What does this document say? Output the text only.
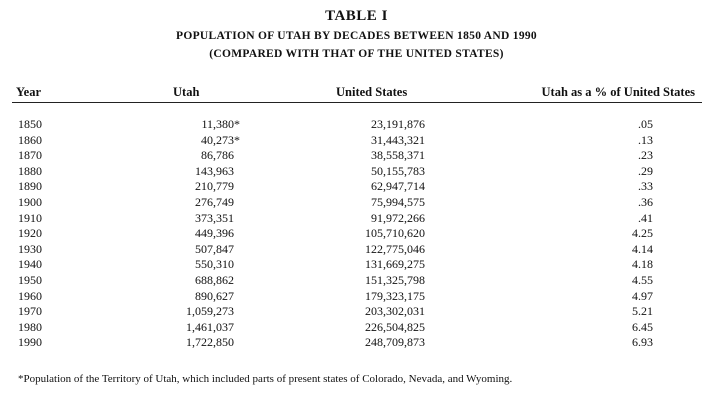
TABLE I
POPULATION OF UTAH BY DECADES BETWEEN 1850 AND 1990
(COMPARED WITH THAT OF THE UNITED STATES)
Year	Utah	United States	Utah as a % of United States
1850	11,380*	23,191,876	.05
1860	40,273*	31,443,321	.13
1870	86,786	38,558,371	.23
1880	143,963	50,155,783	.29
1890	210,779	62,947,714	.33
1900	276,749	75,994,575	.36
1910	373,351	91,972,266	.41
1920	449,396	105,710,620	4.25
1930	507,847	122,775,046	4.14
1940	550,310	131,669,275	4.18
1950	688,862	151,325,798	4.55
1960	890,627	179,323,175	4.97
1970	1,059,273	203,302,031	5.21
1980	1,461,037	226,504,825	6.45
1990	1,722,850	248,709,873	6.93
*Population of the Territory of Utah, which included parts of present states of Colorado, Nevada, and Wyoming.
